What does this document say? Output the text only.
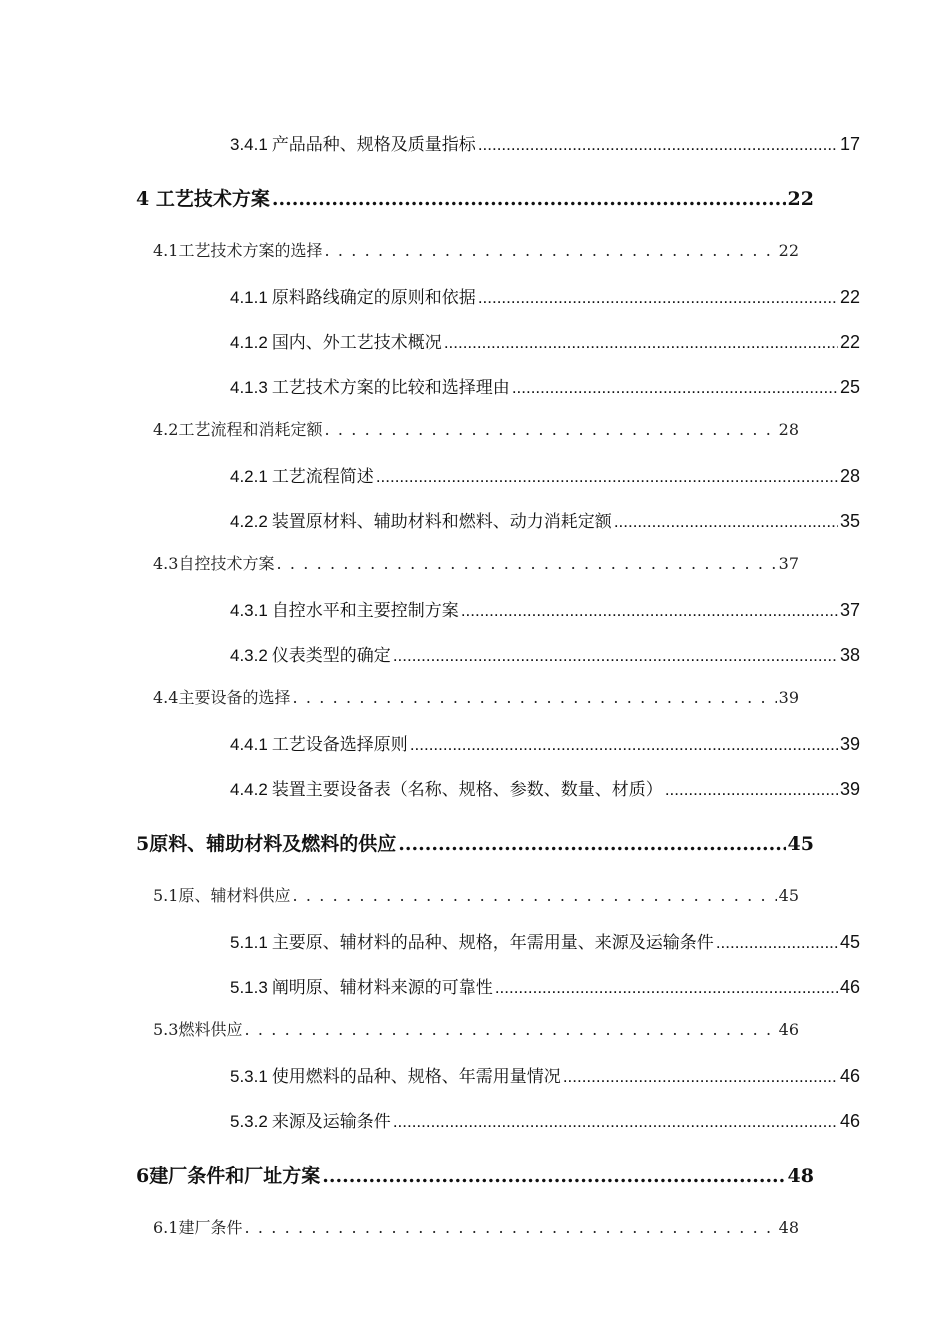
3.4.1 产品品种、规格及质量指标 .....	17
4 工艺技术方案 .....	22
4.1工艺技术方案的选择 . . .	22
4.1.1 原料路线确定的原则和依据 .....	22
4.1.2 国内、外工艺技术概况 .....	22
4.1.3 工艺技术方案的比较和选择理由 .....	25
4.2工艺流程和消耗定额 . . .	28
4.2.1 工艺流程简述 .....	28
4.2.2 装置原材料、辅助材料和燃料、动力消耗定额 .....	35
4.3自控技术方案 . . .	37
4.3.1 自控水平和主要控制方案 .....	37
4.3.2 仪表类型的确定 .....	38
4.4主要设备的选择 . . .	39
4.4.1 工艺设备选择原则 .....	39
4.4.2 装置主要设备表（名称、规格、参数、数量、材质） .....	39
5原料、辅助材料及燃料的供应 .....	45
5.1原、辅材料供应 . . .	45
5.1.1 主要原、辅材料的品种、规格，年需用量、来源及运输条件 .....	45
5.1.3 阐明原、辅材料来源的可靠性 .....	46
5.3燃料供应 . . .	46
5.3.1 使用燃料的品种、规格、年需用量情况 .....	46
5.3.2 来源及运输条件 .....	46
6建厂条件和厂址方案 .....	48
6.1建厂条件 . . .	48
